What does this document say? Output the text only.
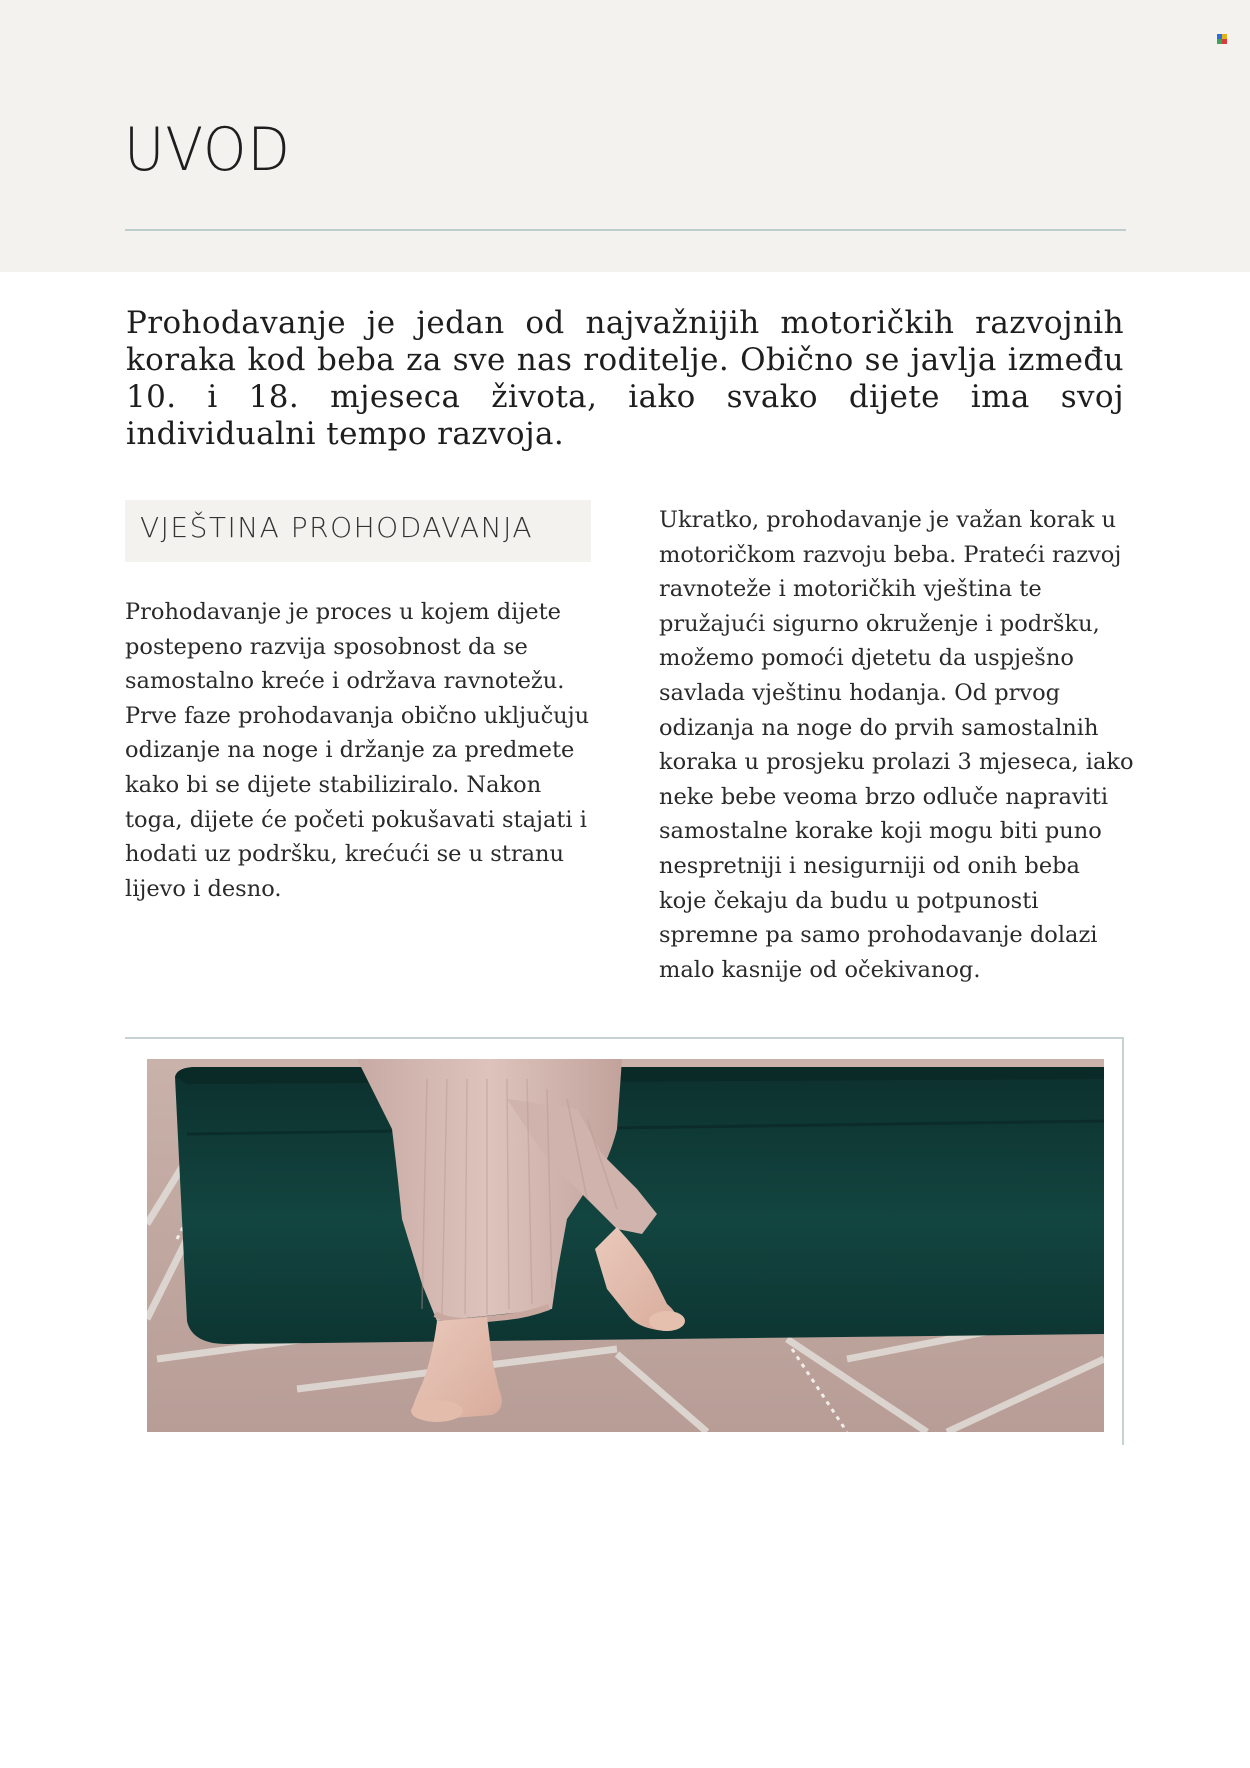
UVOD

Prohodavanje je jedan od najvažnijih motoričkih razvojnih koraka kod beba za sve nas roditelje. Obično se javlja između 10. i 18. mjeseca života, iako svako dijete ima svoj individualni tempo razvoja.

VJEŠTINA PROHODAVANJA

Prohodavanje je proces u kojem dijete postepeno razvija sposobnost da se samostalno kreće i održava ravnotežu. Prve faze prohodavanja obično uključuju odizanje na noge i držanje za predmete kako bi se dijete stabiliziralo. Nakon toga, dijete će početi pokušavati stajati i hodati uz podršku, krećući se u stranu lijevo i desno.

Ukratko, prohodavanje je važan korak u motoričkom razvoju beba. Prateći razvoj ravnoteže i motoričkih vještina te pružajući sigurno okruženje i podršku, možemo pomoći djetetu da uspješno savlada vještinu hodanja. Od prvog odizanja na noge do prvih samostalnih koraka u prosjeku prolazi 3 mjeseca, iako neke bebe veoma brzo odluče napraviti samostalne korake koji mogu biti puno nespretniji i nesigurniji od onih beba koje čekaju da budu u potpunosti spremne pa samo prohodavanje dolazi malo kasnije od očekivanog.
